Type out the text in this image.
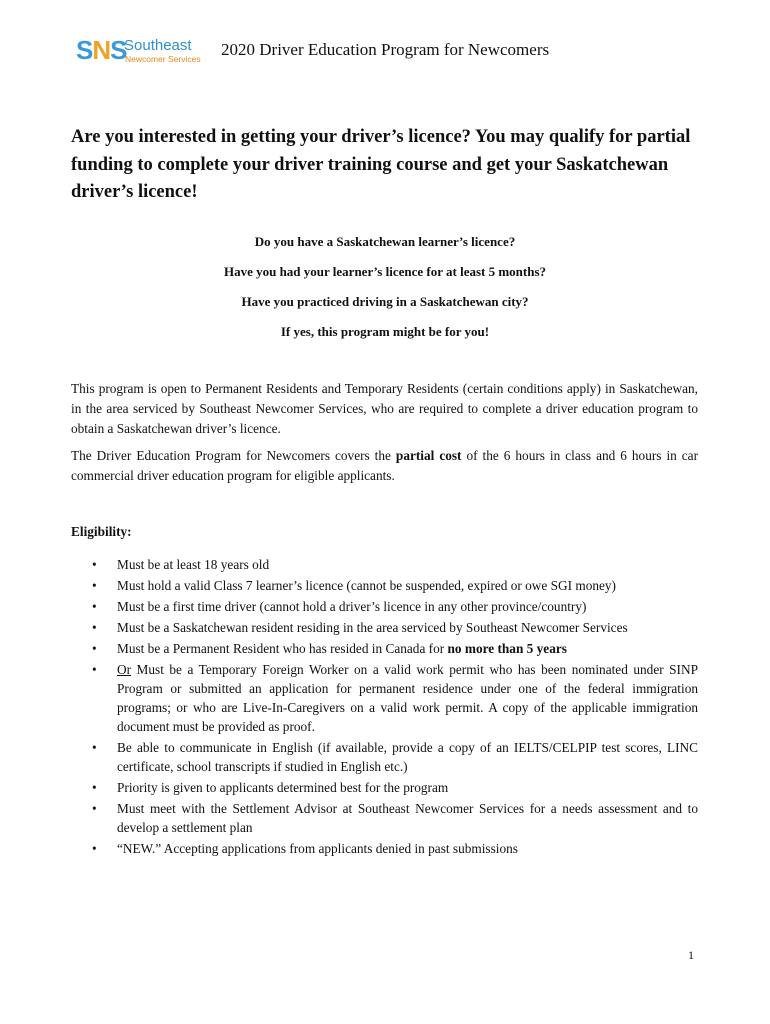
SNS
Southeast
Newcomer Services 2020 Driver Education Program for Newcomers
Are you interested in getting your driver’s licence? You may qualify for partial funding to complete your driver training course and get your Saskatchewan driver’s licence!

Do you have a Saskatchewan learner’s licence?

Have you had your learner’s licence for at least 5 months?

Have you practiced driving in a Saskatchewan city?

If yes, this program might be for you!

This program is open to Permanent Residents and Temporary Residents (certain conditions apply) in Saskatchewan, in the area serviced by Southeast Newcomer Services, who are required to complete a driver education program to obtain a Saskatchewan driver’s licence.

The Driver Education Program for Newcomers covers the partial cost of the 6 hours in class and 6 hours in car commercial driver education program for eligible applicants.

Eligibility:

• Must be at least 18 years old
• Must hold a valid Class 7 learner’s licence (cannot be suspended, expired or owe SGI money)
• Must be a first time driver (cannot hold a driver’s licence in any other province/country)
• Must be a Saskatchewan resident residing in the area serviced by Southeast Newcomer Services
• Must be a Permanent Resident who has resided in Canada for no more than 5 years
• Or Must be a Temporary Foreign Worker on a valid work permit who has been nominated under SINP Program or submitted an application for permanent residence under one of the federal immigration programs; or who are Live-In-Caregivers on a valid work permit. A copy of the applicable immigration document must be provided as proof.
• Be able to communicate in English (if available, provide a copy of an IELTS/CELPIP test scores, LINC certificate, school transcripts if studied in English etc.)
• Priority is given to applicants determined best for the program
• Must meet with the Settlement Advisor at Southeast Newcomer Services for a needs assessment and to develop a settlement plan
• “NEW.” Accepting applications from applicants denied in past submissions
1
